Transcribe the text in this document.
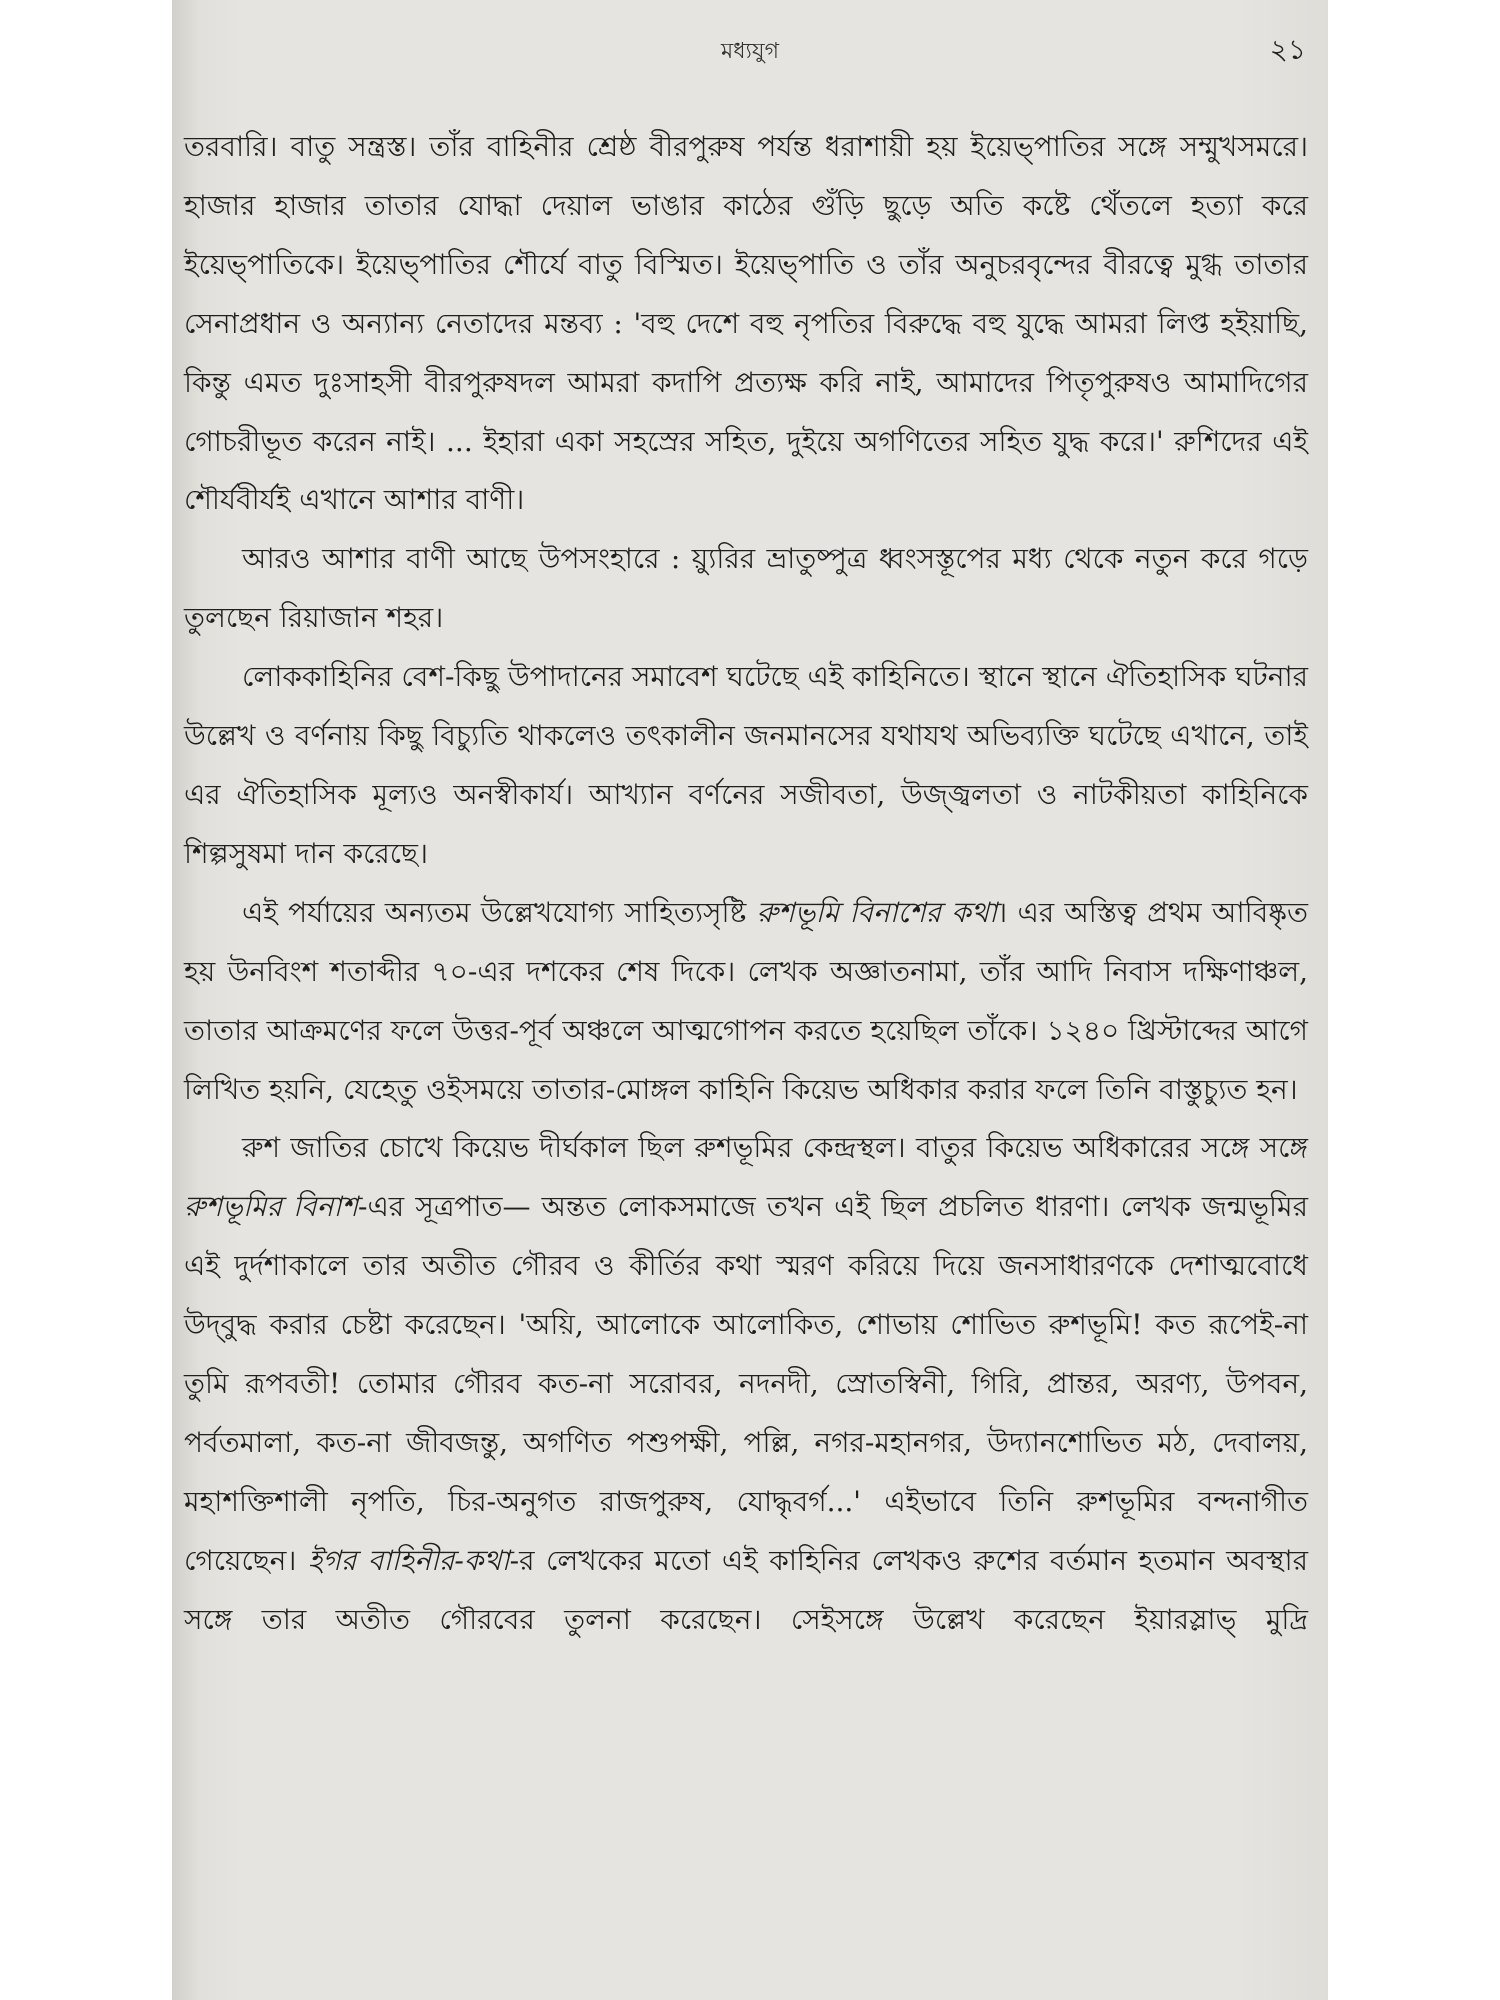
মধ্যযুগ	২১

তরবারি। বাতু সন্ত্রস্ত। তাঁর বাহিনীর শ্রেষ্ঠ বীরপুরুষ পর্যন্ত ধরাশায়ী হয় ইয়েভ্‌পাতির সঙ্গে সম্মুখসমরে। হাজার হাজার তাতার যোদ্ধা দেয়াল ভাঙার কাঠের গুঁড়ি ছুড়ে অতি কষ্টে থেঁতলে হত্যা করে ইয়েভ্‌পাতিকে। ইয়েভ্‌পাতির শৌর্যে বাতু বিস্মিত। ইয়েভ্‌পাতি ও তাঁর অনুচরবৃন্দের বীরত্বে মুগ্ধ তাতার সেনাপ্রধান ও অন্যান্য নেতাদের মন্তব্য : 'বহু দেশে বহু নৃপতির বিরুদ্ধে বহু যুদ্ধে আমরা লিপ্ত হইয়াছি, কিন্তু এমত দুঃসাহসী বীরপুরুষদল আমরা কদাপি প্রত্যক্ষ করি নাই, আমাদের পিতৃপুরুষও আমাদিগের গোচরীভূত করেন নাই। ... ইহারা একা সহস্রের সহিত, দুইয়ে অগণিতের সহিত যুদ্ধ করে।' রুশিদের এই শৌর্যবীর্যই এখানে আশার বাণী।

আরও আশার বাণী আছে উপসংহারে : য়্যুরির ভ্রাতুষ্পুত্র ধ্বংসস্তূপের মধ্য থেকে নতুন করে গড়ে তুলছেন রিয়াজান শহর।

লোককাহিনির বেশ-কিছু উপাদানের সমাবেশ ঘটেছে এই কাহিনিতে। স্থানে স্থানে ঐতিহাসিক ঘটনার উল্লেখ ও বর্ণনায় কিছু বিচ্যুতি থাকলেও তৎকালীন জনমানসের যথাযথ অভিব্যক্তি ঘটেছে এখানে, তাই এর ঐতিহাসিক মূল্যও অনস্বীকার্য। আখ্যান বর্ণনের সজীবতা, উজ্জ্বলতা ও নাটকীয়তা কাহিনিকে শিল্পসুষমা দান করেছে।

এই পর্যায়ের অন্যতম উল্লেখযোগ্য সাহিত্যসৃষ্টি রুশভূমি বিনাশের কথা। এর অস্তিত্ব প্রথম আবিষ্কৃত হয় উনবিংশ শতাব্দীর ৭০-এর দশকের শেষ দিকে। লেখক অজ্ঞাতনামা, তাঁর আদি নিবাস দক্ষিণাঞ্চল, তাতার আক্রমণের ফলে উত্তর-পূর্ব অঞ্চলে আত্মগোপন করতে হয়েছিল তাঁকে। ১২৪০ খ্রিস্টাব্দের আগে লিখিত হয়নি, যেহেতু ওইসময়ে তাতার-মোঙ্গল কাহিনি কিয়েভ অধিকার করার ফলে তিনি বাস্তুচ্যুত হন।

রুশ জাতির চোখে কিয়েভ দীর্ঘকাল ছিল রুশভূমির কেন্দ্রস্থল। বাতুর কিয়েভ অধিকারের সঙ্গে সঙ্গে রুশভূমির বিনাশ-এর সূত্রপাত— অন্তত লোকসমাজে তখন এই ছিল প্রচলিত ধারণা। লেখক জন্মভূমির এই দুর্দশাকালে তার অতীত গৌরব ও কীর্তির কথা স্মরণ করিয়ে দিয়ে জনসাধারণকে দেশাত্মবোধে উদ্‌বুদ্ধ করার চেষ্টা করেছেন। 'অয়ি, আলোকে আলোকিত, শোভায় শোভিত রুশভূমি! কত রূপেই-না তুমি রূপবতী! তোমার গৌরব কত-না সরোবর, নদনদী, স্রোতস্বিনী, গিরি, প্রান্তর, অরণ্য, উপবন, পর্বতমালা, কত-না জীবজন্তু, অগণিত পশুপক্ষী, পল্লি, নগর-মহানগর, উদ্যানশোভিত মঠ, দেবালয়, মহাশক্তিশালী নৃপতি, চির-অনুগত রাজপুরুষ, যোদ্ধৃবর্গ...' এইভাবে তিনি রুশভূমির বন্দনাগীত গেয়েছেন। ইগর বাহিনীর-কথা-র লেখকের মতো এই কাহিনির লেখকও রুশের বর্তমান হতমান অবস্থার সঙ্গে তার অতীত গৌরবের তুলনা করেছেন। সেইসঙ্গে উল্লেখ করেছেন ইয়ারস্লাভ্‌ মুদ্রি
